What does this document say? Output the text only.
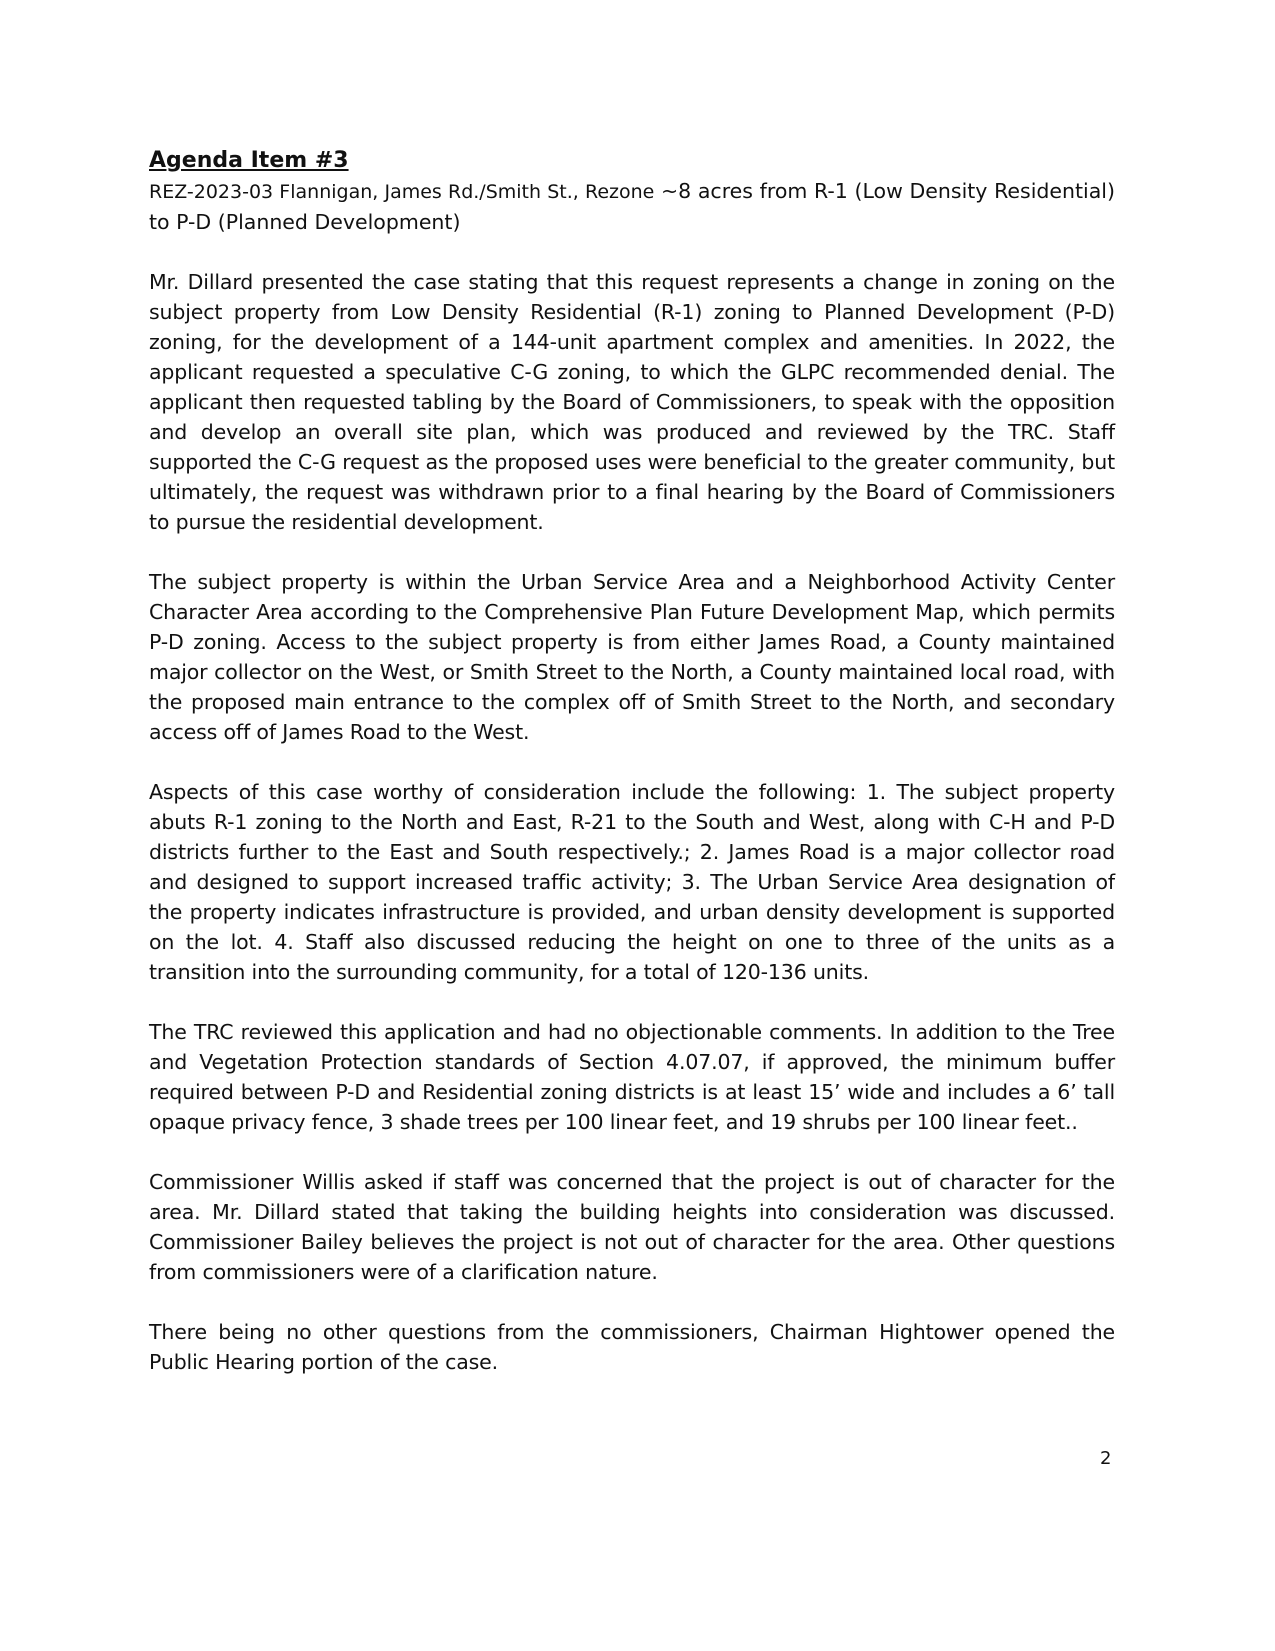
Agenda Item #3

REZ-2023-03 Flannigan, James Rd./Smith St., Rezone ~8 acres from R-1 (Low Density Residential) to P-D (Planned Development)

Mr. Dillard presented the case stating that this request represents a change in zoning on the subject property from Low Density Residential (R-1) zoning to Planned Development (P-D) zoning, for the development of a 144-unit apartment complex and amenities. In 2022, the applicant requested a speculative C-G zoning, to which the GLPC recommended denial. The applicant then requested tabling by the Board of Commissioners, to speak with the opposition and develop an overall site plan, which was produced and reviewed by the TRC. Staff supported the C-G request as the proposed uses were beneficial to the greater community, but ultimately, the request was withdrawn prior to a final hearing by the Board of Commissioners to pursue the residential development.

The subject property is within the Urban Service Area and a Neighborhood Activity Center Character Area according to the Comprehensive Plan Future Development Map, which permits P-D zoning. Access to the subject property is from either James Road, a County maintained major collector on the West, or Smith Street to the North, a County maintained local road, with the proposed main entrance to the complex off of Smith Street to the North, and secondary access off of James Road to the West.

Aspects of this case worthy of consideration include the following: 1. The subject property abuts R-1 zoning to the North and East, R-21 to the South and West, along with C-H and P-D districts further to the East and South respectively.; 2. James Road is a major collector road and designed to support increased traffic activity; 3. The Urban Service Area designation of the property indicates infrastructure is provided, and urban density development is supported on the lot. 4. Staff also discussed reducing the height on one to three of the units as a transition into the surrounding community, for a total of 120-136 units.

The TRC reviewed this application and had no objectionable comments. In addition to the Tree and Vegetation Protection standards of Section 4.07.07, if approved, the minimum buffer required between P-D and Residential zoning districts is at least 15’ wide and includes a 6’ tall opaque privacy fence, 3 shade trees per 100 linear feet, and 19 shrubs per 100 linear feet..

Commissioner Willis asked if staff was concerned that the project is out of character for the area. Mr. Dillard stated that taking the building heights into consideration was discussed. Commissioner Bailey believes the project is not out of character for the area. Other questions from commissioners were of a clarification nature.

There being no other questions from the commissioners, Chairman Hightower opened the Public Hearing portion of the case.

2
